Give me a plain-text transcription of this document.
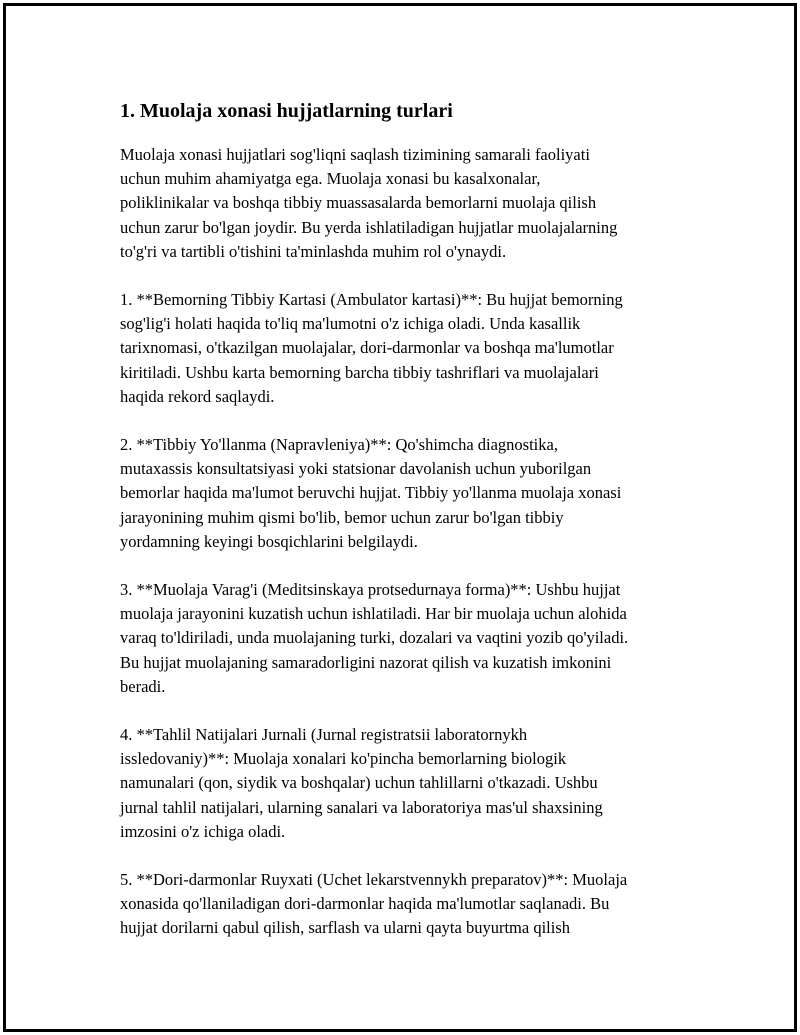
1. Muolaja xonasi hujjatlarning turlari

Muolaja xonasi hujjatlari sog'liqni saqlash tizimining samarali faoliyati
uchun muhim ahamiyatga ega. Muolaja xonasi bu kasalxonalar,
poliklinikalar va boshqa tibbiy muassasalarda bemorlarni muolaja qilish
uchun zarur bo'lgan joydir. Bu yerda ishlatiladigan hujjatlar muolajalarning
to'g'ri va tartibli o'tishini ta'minlashda muhim rol o'ynaydi.

1. **Bemorning Tibbiy Kartasi (Ambulator kartasi)**: Bu hujjat bemorning
sog'lig'i holati haqida to'liq ma'lumotni o'z ichiga oladi. Unda kasallik
tarixnomasi, o'tkazilgan muolajalar, dori-darmonlar va boshqa ma'lumotlar
kiritiladi. Ushbu karta bemorning barcha tibbiy tashriflari va muolajalari
haqida rekord saqlaydi.

2. **Tibbiy Yo'llanma (Napravleniya)**: Qo'shimcha diagnostika,
mutaxassis konsultatsiyasi yoki statsionar davolanish uchun yuborilgan
bemorlar haqida ma'lumot beruvchi hujjat. Tibbiy yo'llanma muolaja xonasi
jarayonining muhim qismi bo'lib, bemor uchun zarur bo'lgan tibbiy
yordamning keyingi bosqichlarini belgilaydi.

3. **Muolaja Varag'i (Meditsinskaya protsedurnaya forma)**: Ushbu hujjat
muolaja jarayonini kuzatish uchun ishlatiladi. Har bir muolaja uchun alohida
varaq to'ldiriladi, unda muolajaning turki, dozalari va vaqtini yozib qo'yiladi.
Bu hujjat muolajaning samaradorligini nazorat qilish va kuzatish imkonini
beradi.

4. **Tahlil Natijalari Jurnali (Jurnal registratsii laboratornykh
issledovaniy)**: Muolaja xonalari ko'pincha bemorlarning biologik
namunalari (qon, siydik va boshqalar) uchun tahlillarni o'tkazadi. Ushbu
jurnal tahlil natijalari, ularning sanalari va laboratoriya mas'ul shaxsining
imzosini o'z ichiga oladi.

5. **Dori-darmonlar Ruyxati (Uchet lekarstvennykh preparatov)**: Muolaja
xonasida qo'llaniladigan dori-darmonlar haqida ma'lumotlar saqlanadi. Bu
hujjat dorilarni qabul qilish, sarflash va ularni qayta buyurtma qilish
